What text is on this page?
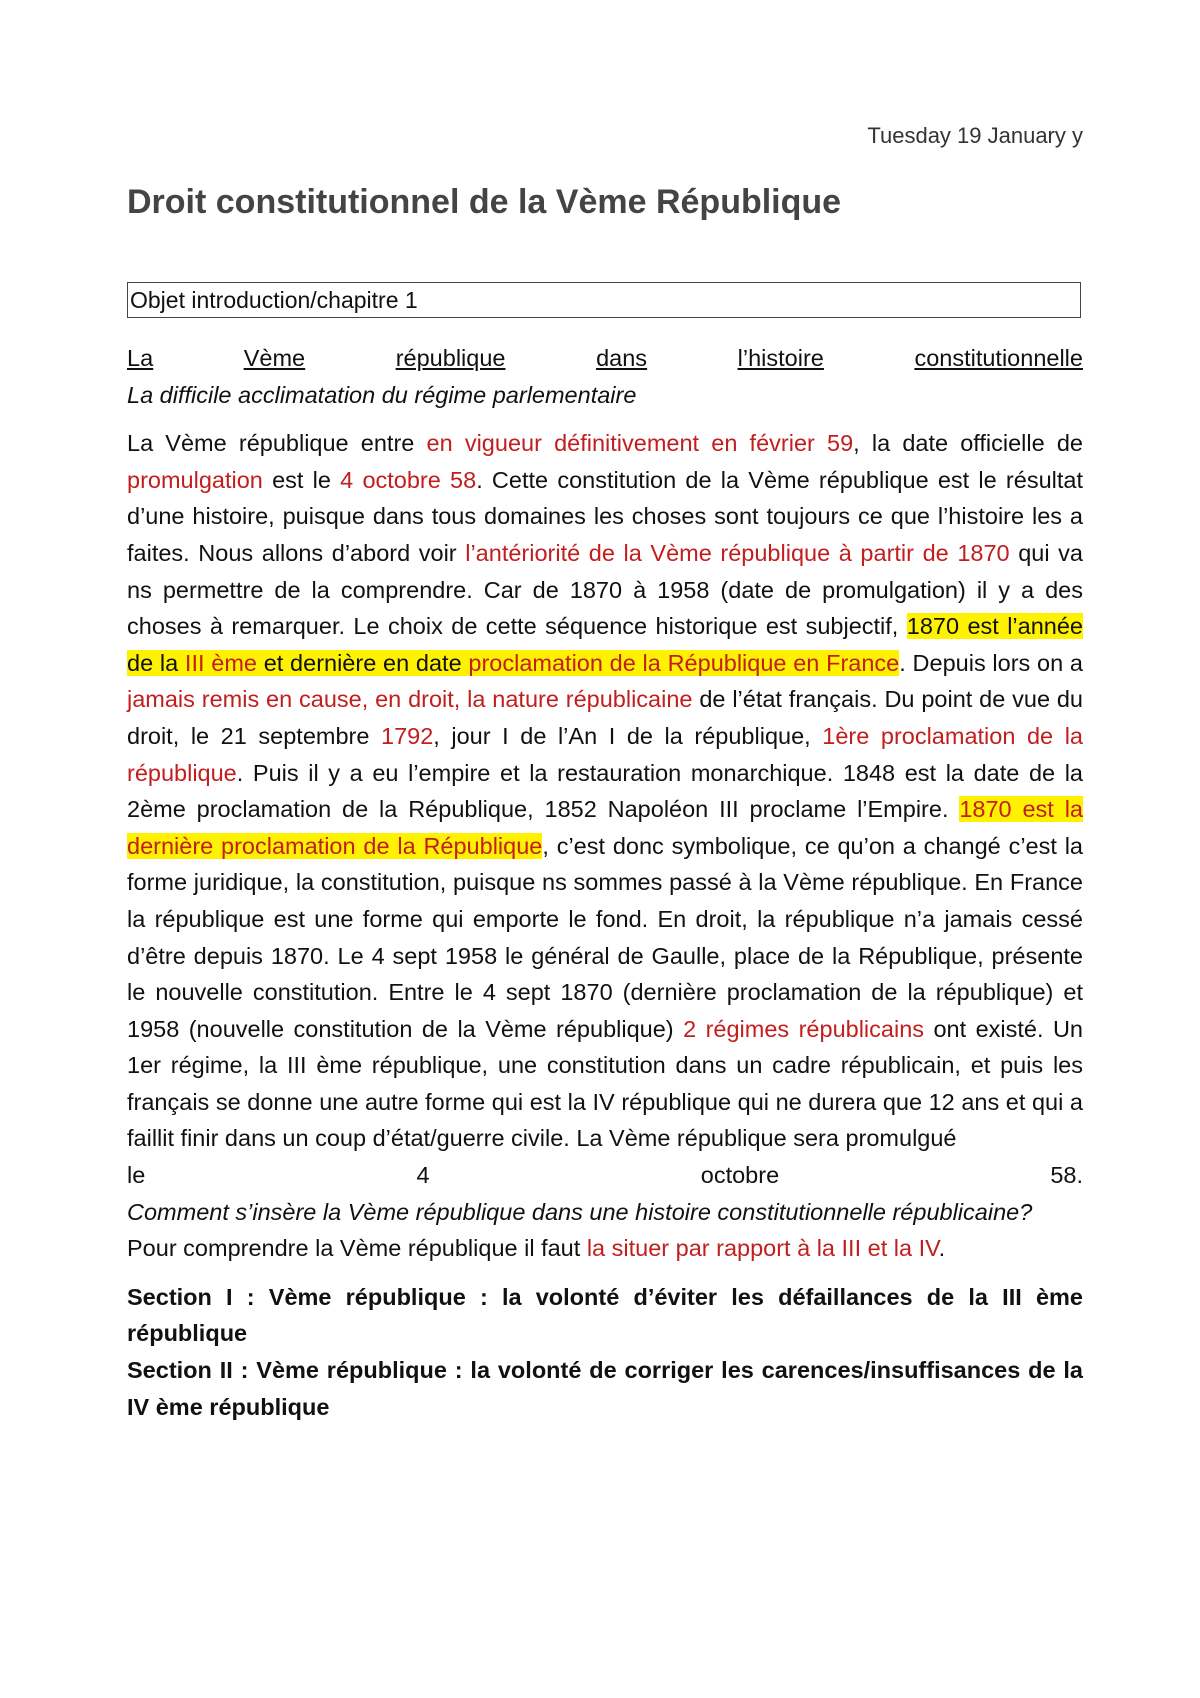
Tuesday 19 January y
Droit constitutionnel de la Vème République
Objet introduction/chapitre 1
La	Vème	république	dans	l’histoire	constitutionnelle
La difficile acclimatation du régime parlementaire

La Vème république entre en vigueur définitivement en février 59, la date officielle de promulgation est le 4 octobre 58. Cette constitution de la Vème république est le résultat d’une histoire, puisque dans tous domaines les choses sont toujours ce que l’histoire les a faites. Nous allons d’abord voir l’antériorité de la Vème république à partir de 1870 qui va ns permettre de la comprendre. Car de 1870 à 1958 (date de promulgation) il y a des choses à remarquer. Le choix de cette séquence historique est subjectif, 1870 est l’année de la III ème et dernière en date proclamation de la République en France. Depuis lors on a jamais remis en cause, en droit, la nature républicaine de l’état français. Du point de vue du droit, le 21 septembre 1792, jour I de l’An I de la république, 1ère proclamation de la république. Puis il y a eu l’empire et la restauration monarchique. 1848 est la date de la 2ème proclamation de la République, 1852 Napoléon III proclame l’Empire. 1870 est la dernière proclamation de la République, c’est donc symbolique, ce qu’on a changé c’est la forme juridique, la constitution, puisque ns sommes passé à la Vème république. En France la république est une forme qui emporte le fond. En droit, la république n’a jamais cessé d’être depuis 1870. Le 4 sept 1958 le général de Gaulle, place de la République, présente le nouvelle constitution. Entre le 4 sept 1870 (dernière proclamation de la république) et 1958 (nouvelle constitution de la Vème république) 2 régimes républicains ont existé. Un 1er régime, la III ème république, une constitution dans un cadre républicain, et puis les français se donne une autre forme qui est la IV république qui ne durera que 12 ans et qui a faillit finir dans un coup d’état/guerre civile. La Vème république sera promulgué

le	4	octobre	58.
Comment s’insère la Vème république dans une histoire constitutionnelle républicaine?
Pour comprendre la Vème république il faut la situer par rapport à la III et la IV.
Section I : Vème république : la volonté d’éviter les défaillances de la III ème république
Section II : Vème république : la volonté de corriger les carences/insuffisances de la IV ème république
